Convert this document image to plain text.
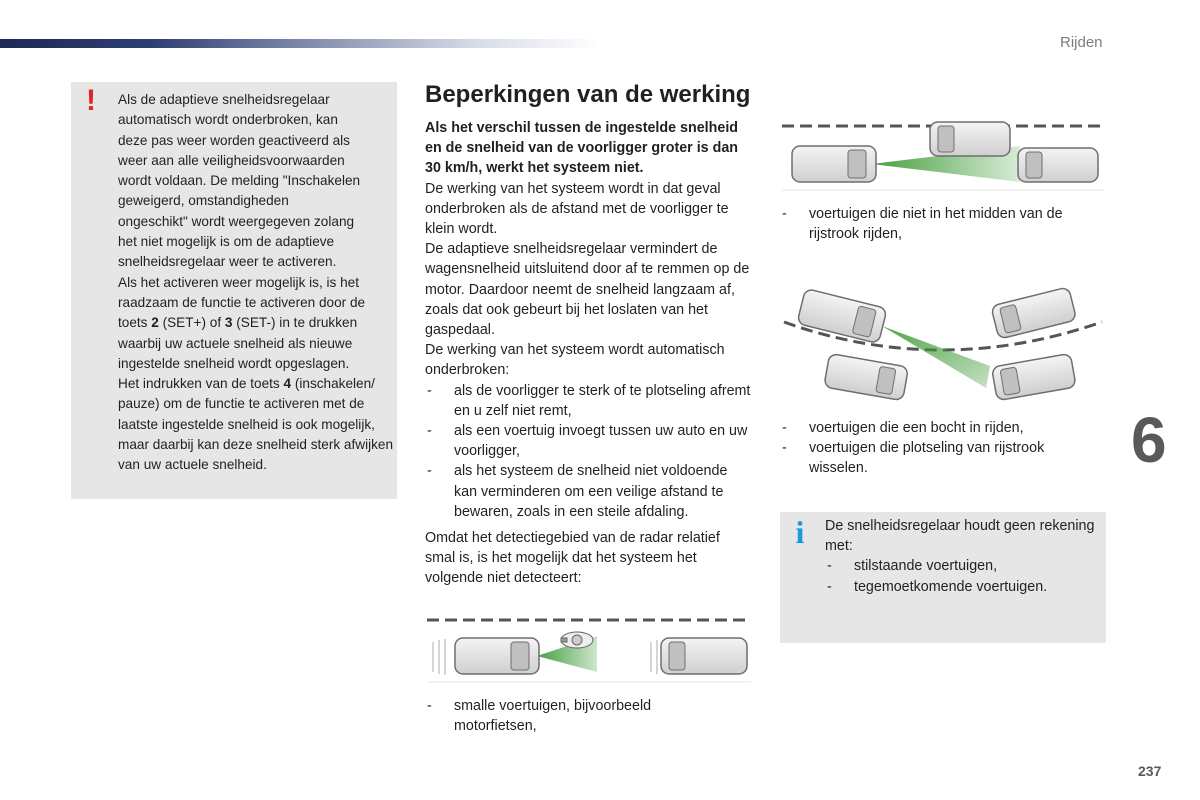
Rijden
6
237
! Als de adaptieve snelheidsregelaar
automatisch wordt onderbroken, kan
deze pas weer worden geactiveerd als
weer aan alle veiligheidsvoorwaarden
wordt voldaan. De melding "Inschakelen
geweigerd, omstandigheden
ongeschikt" wordt weergegeven zolang
het niet mogelijk is om de adaptieve
snelheidsregelaar weer te activeren.

Als het activeren weer mogelijk is, is het raadzaam de functie te activeren door de toets 2 (SET+) of 3 (SET-) in te drukken waarbij uw actuele snelheid als nieuwe ingestelde snelheid wordt opgeslagen.

Het indrukken van de toets 4 (inschakelen/ pauze) om de functie te activeren met de laatste ingestelde snelheid is ook mogelijk, maar daarbij kan deze snelheid sterk afwijken van uw actuele snelheid.

Beperkingen van de werking

Als het verschil tussen de ingestelde snelheid en de snelheid van de voorligger groter is dan 30 km/h, werkt het systeem niet.

De werking van het systeem wordt in dat geval onderbroken als de afstand met de voorligger te klein wordt.

De adaptieve snelheidsregelaar vermindert de wagensnelheid uitsluitend door af te remmen op de motor. Daardoor neemt de snelheid langzaam af, zoals dat ook gebeurt bij het loslaten van het gaspedaal.

De werking van het systeem wordt automatisch onderbroken:

- als de voorligger te sterk of te plotseling afremt en u zelf niet remt,
- als een voertuig invoegt tussen uw auto en uw voorligger,
- als het systeem de snelheid niet voldoende kan verminderen om een veilige afstand te bewaren, zoals in een steile afdaling.

Omdat het detectiegebied van de radar relatief smal is, is het mogelijk dat het systeem het volgende niet detecteert:

- smalle voertuigen, bijvoorbeeld motorfietsen,
- voertuigen die niet in het midden van de rijstrook rijden,
- voertuigen die een bocht in rijden,
- voertuigen die plotseling van rijstrook wisselen.
i De snelheidsregelaar houdt geen rekening met:

- stilstaande voertuigen,
- tegemoetkomende voertuigen.
